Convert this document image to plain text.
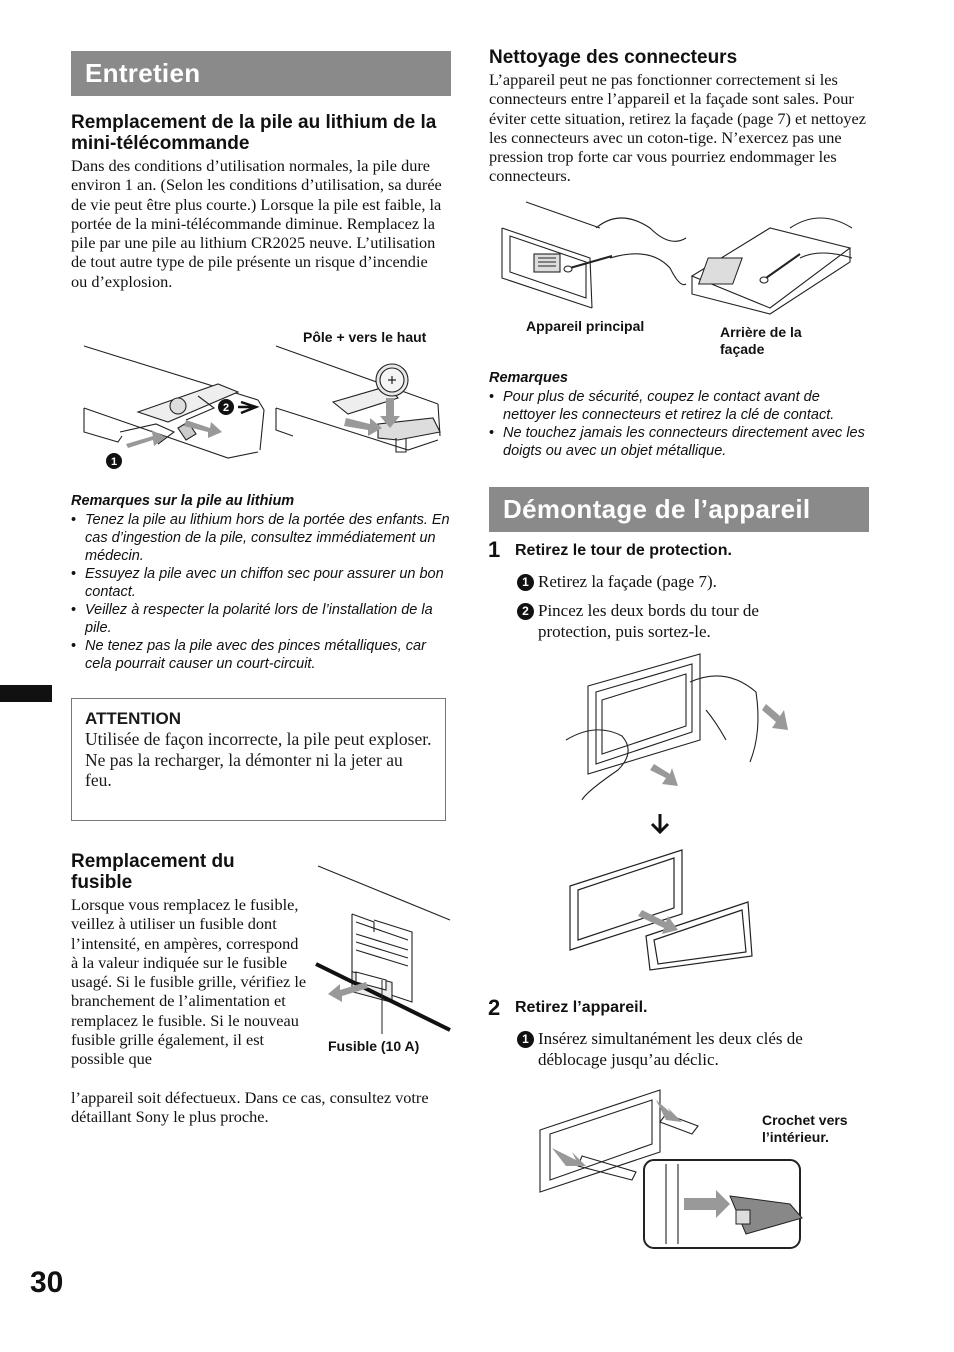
Entretien
Remplacement de la pile au lithium de la mini-télécommande
Dans des conditions d’utilisation normales, la pile dure environ 1 an. (Selon les conditions d’utilisation, sa durée de vie peut être plus courte.) Lorsque la pile est faible, la portée de la mini-télécommande diminue. Remplacez la pile par une pile au lithium CR2025 neuve. L’utilisation de tout autre type de pile présente un risque d’incendie ou d’explosion.
Pôle + vers le haut
1
2
Remarques sur la pile au lithium
• Tenez la pile au lithium hors de la portée des enfants. En cas d’ingestion de la pile, consultez immédiatement un médecin.
• Essuyez la pile avec un chiffon sec pour assurer un bon contact.
• Veillez à respecter la polarité lors de l’installation de la pile.
• Ne tenez pas la pile avec des pinces métalliques, car cela pourrait causer un court-circuit.
ATTENTION
Utilisée de façon incorrecte, la pile peut exploser.
Ne pas la recharger, la démonter ni la jeter au feu.
Remplacement du fusible
Lorsque vous remplacez le fusible, veillez à utiliser un fusible dont l’intensité, en ampères, correspond à la valeur indiquée sur le fusible usagé. Si le fusible grille, vérifiez le branchement de l’alimentation et remplacez le fusible. Si le nouveau fusible grille également, il est possible que
l’appareil soit défectueux. Dans ce cas, consultez votre détaillant Sony le plus proche.
Fusible (10 A)
30
Nettoyage des connecteurs
L’appareil peut ne pas fonctionner correctement si les connecteurs entre l’appareil et la façade sont sales. Pour éviter cette situation, retirez la façade (page 7) et nettoyez les connecteurs avec un coton-tige. N’exercez pas une pression trop forte car vous pourriez endommager les connecteurs.
Appareil principal	Arrière de la façade
Remarques
• Pour plus de sécurité, coupez le contact avant de nettoyer les connecteurs et retirez la clé de contact.
• Ne touchez jamais les connecteurs directement avec les doigts ou avec un objet métallique.
Démontage de l’appareil
1 Retirez le tour de protection.
1 Retirez la façade (page 7).
2 Pincez les deux bords du tour de protection, puis sortez-le.
2 Retirez l’appareil.
1 Insérez simultanément les deux clés de déblocage jusqu’au déclic.
Crochet vers l’intérieur.
